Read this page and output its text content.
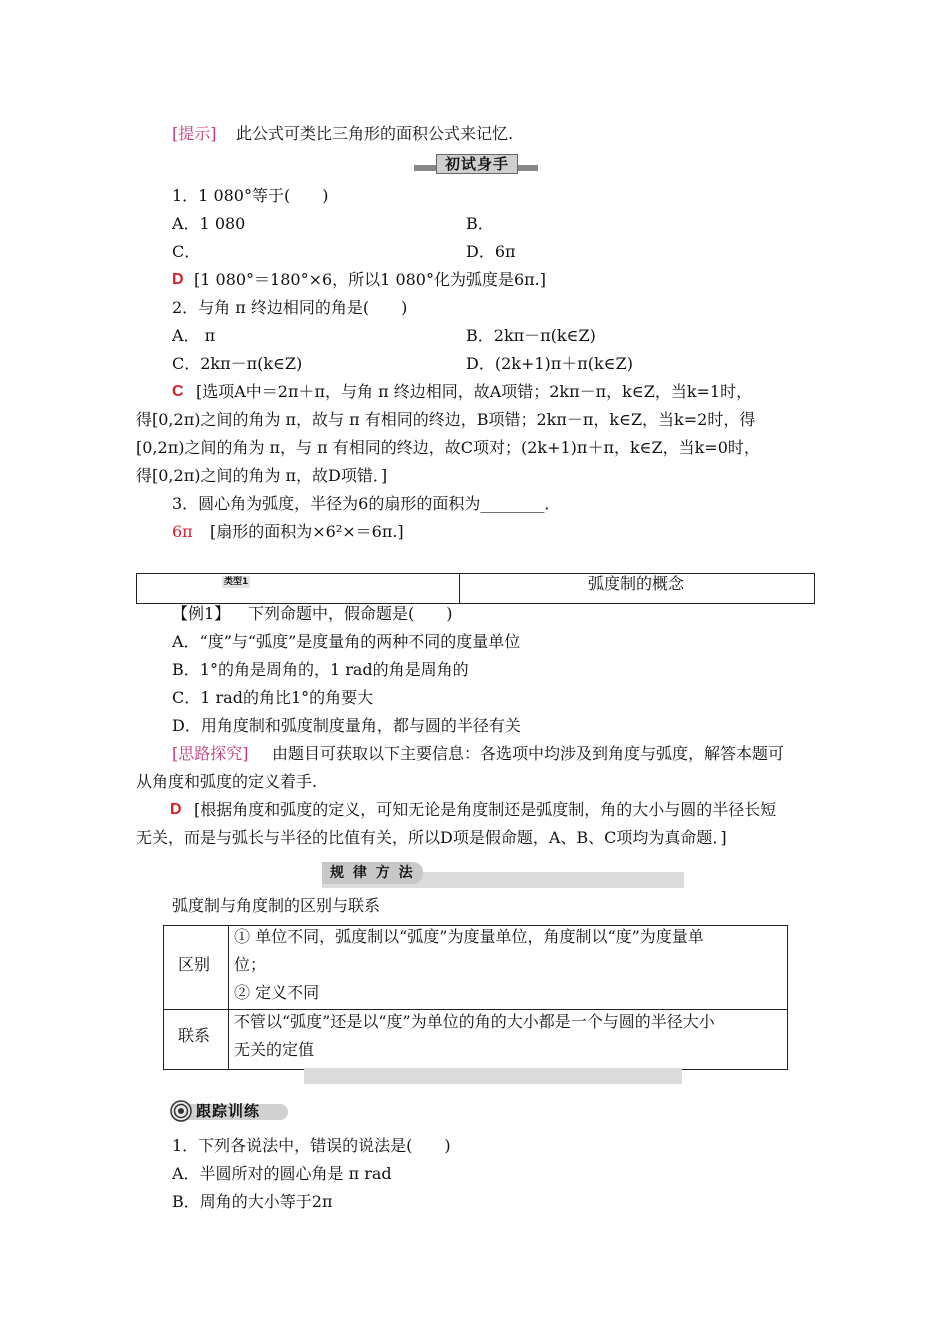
[提示] 此公式可类比三角形的面积公式来记忆.
初试身手
1．1 080°等于(　　)
A．1 080	B．
C．	D．6π
D [1 080°＝180°×6，所以1 080°化为弧度是6π.]
2．与角 π 终边相同的角是(　　)
A． π	B．2kπ－π(k∈Z)
C．2kπ－π(k∈Z)	D．(2k+1)π＋π(k∈Z)
C [选项A中＝2π＋π，与角 π 终边相同，故A项错；2kπ－π，k∈Z，当k=1时，
得[0,2π)之间的角为 π，故与 π 有相同的终边，B项错；2kπ－π，k∈Z，当k=2时，得
[0,2π)之间的角为 π，与 π 有相同的终边，故C项对；(2k+1)π＋π，k∈Z，当k=0时，
得[0,2π)之间的角为 π，故D项错．]
3．圆心角为弧度，半径为6的扇形的面积为________．
6π [扇形的面积为×6²×＝6π.]
类型1	弧度制的概念
【例1】 下列命题中，假命题是(　　)
A．“度”与“弧度”是度量角的两种不同的度量单位
B．1°的角是周角的，1 rad的角是周角的
C．1 rad的角比1°的角要大
D．用角度制和弧度制度量角，都与圆的半径有关
[思路探究] 由题目可获取以下主要信息：各选项中均涉及到角度与弧度，解答本题可
从角度和弧度的定义着手.
D [根据角度和弧度的定义，可知无论是角度制还是弧度制，角的大小与圆的半径长短
无关，而是与弧长与半径的比值有关，所以D项是假命题，A、B、C项均为真命题．]
规 律 方 法
弧度制与角度制的区别与联系
区别
① 单位不同，弧度制以“弧度”为度量单位，角度制以“度”为度量单
位；
② 定义不同
联系
不管以“弧度”还是以“度”为单位的角的大小都是一个与圆的半径大小
无关的定值
跟踪训练
1．下列各说法中，错误的说法是(　　)
A．半圆所对的圆心角是 π rad
B．周角的大小等于2π
